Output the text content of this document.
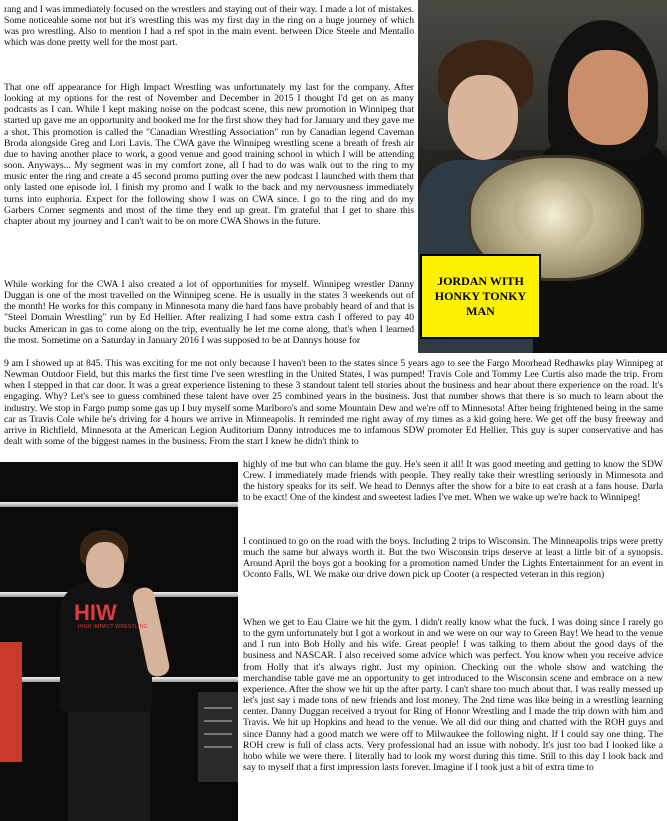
rang and I was immediately focused on the wrestlers and staying out of their way. I made a lot of mistakes. Some noticeable some not but it's wrestling this was my first day in the ring on a huge journey of which was pro wrestling. Also to mention I had a ref spot in the main event. between Dice Steele and Mentallo which was done pretty well for the most part.

That one off appearance for High Impact Wrestling was unfortunately my last for the company. After looking at my options for the rest of November and December in 2015 I thought I'd get on as many podcasts as I can. While I kept making noise on the podcast scene, this new promotion in Winnipeg that started up gave me an opportunity and booked me for the first show they had for January and they gave me a shot. This promotion is called the "Canadian Wrestling Association" run by Canadian legend Caveman Broda alongside Greg and Lori Lavis. The CWA gave the Winnipeg wrestling scene a breath of fresh air due to having another place to work, a good venue and good training school in which I will be attending soon. Anyways... My segment was in my comfort zone, all I had to do was walk out to the ring to my music enter the ring and create a 45 second promo putting over the new podcast I launched with them that only lasted one episode lol. I finish my promo and I walk to the back and my nervousness immediately turns into euphoria. Expect for the following show I was on CWA since. I go to the ring and do my Garbers Corner segments and most of the time they end up great. I'm grateful that I get to share this chapter about my journey and I can't wait to be on more CWA Shows in the future.

JORDAN WITH
HONKY TONKY
MAN

While working for the CWA I also created a lot of opportunities for myself. Winnipeg wrestler Danny Duggan is one of the most travelled on the Winnipeg scene. He is usually in the states 3 weekends out of the month! He works for this company in Minnesota many die hard fans have probably heard of and that is "Steel Domain Wrestling" run by Ed Hellier. After realizing I had some extra cash I offered to pay 40 bucks American in gas to come along on the trip, eventually he let me come along, that's when I learned the most. Sometime on a Saturday in January 2016 I was supposed to be at Dannys house for

9 am I showed up at 845. This was exciting for me not only because I haven't been to the states since 5 years ago to see the Fargo Moorhead Redhawks play Winnipeg at Newman Outdoor Field, but this marks the first time I've seen wrestling in the United States, I was pumped! Travis Cole and Tommy Lee Curtis also made the trip. From when I stepped in that car door. It was a great experience listening to these 3 standout talent tell stories about the business and hear about there experience on the road. It's engaging. Why? Let's see to guess combined these talent have over 25 combined years in the business. Just that number shows that there is so much to learn about the industry. We stop in Fargo pump some gas up I buy myself some Marlboro's and some Mountain Dew and we're off to Minnesota! After being frightened being in the same car as Travis Cole while he's driving for 4 hours we arrive in Minneapolis. It reminded me right away of my times as a kid going here. We get off the busy freeway and arrive in Richfield, Minnesota at the American Legion Auditorium Danny introduces me to infamous SDW promoter Ed Hellier. This guy is super conservative and has dealt with some of the biggest names in the business. From the start I knew he didn't think to

HIW
HIGH IMPACT WRESTLING

highly of me but who can blame the guy. He's seen it all! It was good meeting and getting to know the SDW Crew. I immediately made friends with people. They really take their wrestling seriously in Minnesota and the history speaks for its self. We head to Dennys after the show for a bite to eat crash at a fans house. Darla to be exact! One of the kindest and sweetest ladies I've met. When we wake up we're back to Winnipeg!

I continued to go on the road with the boys. Including 2 trips to Wisconsin. The Minneapolis trips were pretty much the same but always worth it. But the two Wisconsin trips deserve at least a little bit of a synopsis. Around April the boys got a booking for a promotion named Under the Lights Entertainment for an event in Oconto Falls, WI. We make our drive down pick up Cooter (a respected veteran in this region)

When we get to Eau Claire we hit the gym. I didn't really know what the fuck. I was doing since I rarely go to the gym unfortunately but I got a workout in and we were on our way to Green Bay! We head to the venue and I run into Bob Holly and his wife. Great people! I was talking to them about the good days of the business and NASCAR. I also received some advice which was perfect. You know when you receive advice from Holly that it's always right. Just my opinion. Checking out the whole show and watching the merchandise table gave me an opportunity to get introduced to the Wisconsin scene and embrace on a new experience. After the show we hit up the after party. I can't share too much about that. I was really messed up let's just say i made tons of new friends and lost money. The 2nd time was like being in a wrestling learning center. Danny Duggan received a tryout for Ring of Honor Wrestling and I made the trip down with him and Travis. We hit up Hopkins and head to the venue. We all did our thing and chatted with the ROH guys and since Danny had a good match we were off to Milwaukee the following night. If I could say one thing. The ROH crew is full of class acts. Very professional had an issue with nobody. It's just too bad I looked like a hobo while we were there. I literally had to look my worst during this time. Still to this day I look back and say to myself that a first impression lasts forever. Imagine if I took just a bit of extra time to
